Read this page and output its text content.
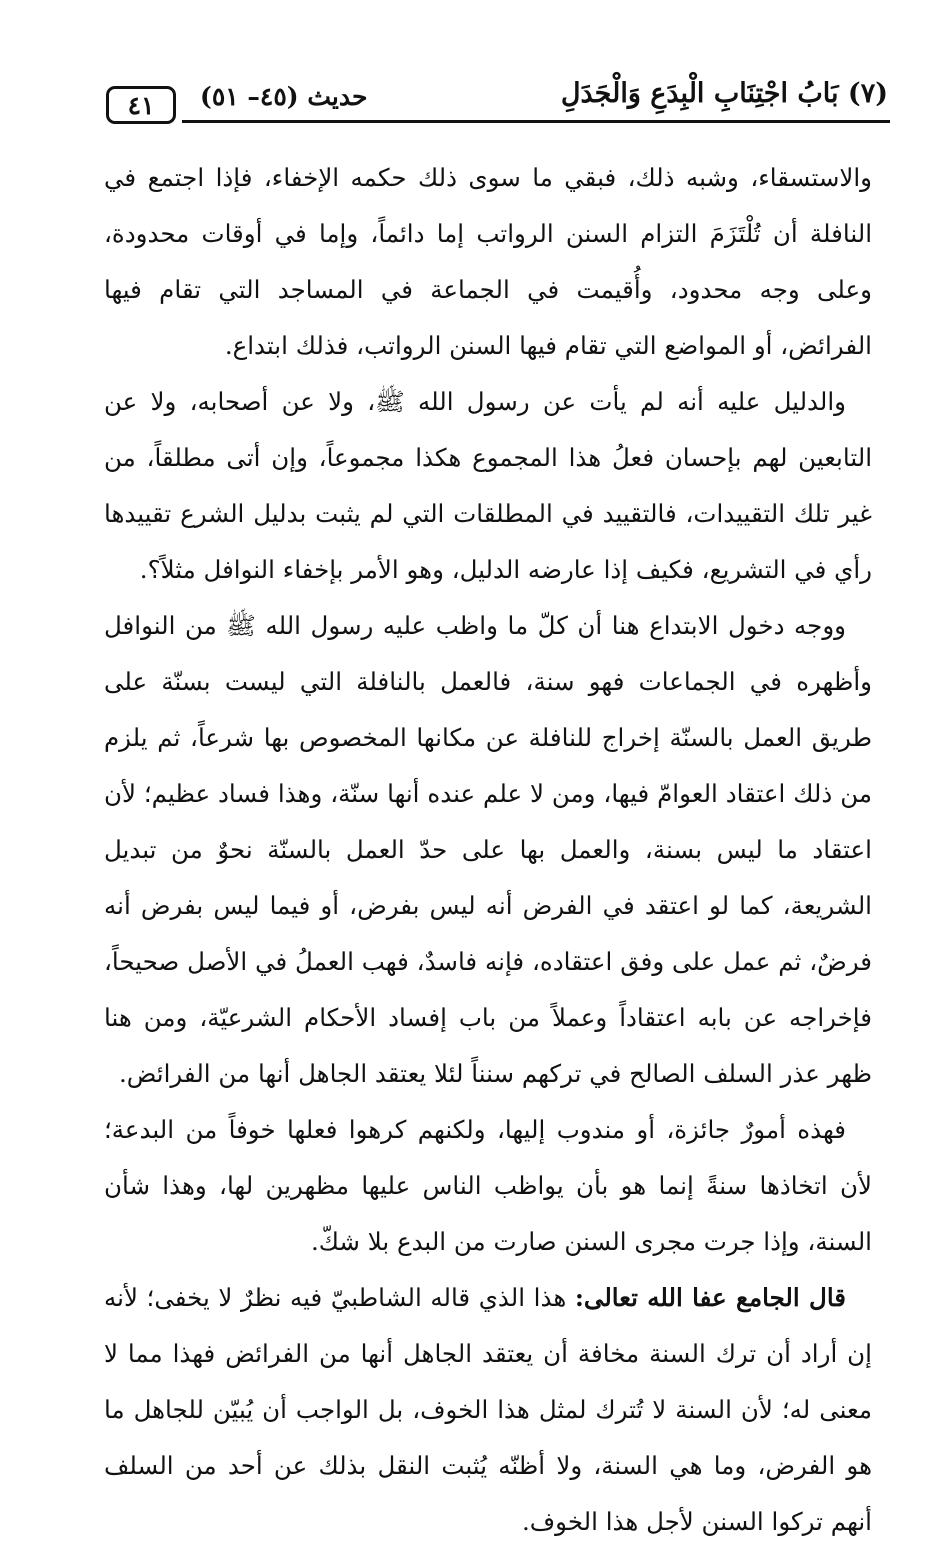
٤١ حديث (٤٥– ٥١)	(٧) بَابُ اجْتِنَابِ الْبِدَعِ وَالْجَدَلِ

والاستسقاء، وشبه ذلك، فبقي ما سوى ذلك حكمه الإخفاء، فإذا اجتمع في النافلة أن تُلْتَزَمَ التزام السنن الرواتب إما دائماً، وإما في أوقات محدودة، وعلى وجه محدود، وأُقيمت في الجماعة في المساجد التي تقام فيها الفرائض، أو المواضع التي تقام فيها السنن الرواتب، فذلك ابتداع.

والدليل عليه أنه لم يأت عن رسول الله ﷺ، ولا عن أصحابه، ولا عن التابعين لهم بإحسان فعلُ هذا المجموع هكذا مجموعاً، وإن أتى مطلقاً، من غير تلك التقييدات، فالتقييد في المطلقات التي لم يثبت بدليل الشرع تقييدها رأي في التشريع، فكيف إذا عارضه الدليل، وهو الأمر بإخفاء النوافل مثلاً؟.

ووجه دخول الابتداع هنا أن كلّ ما واظب عليه رسول الله ﷺ من النوافل وأظهره في الجماعات فهو سنة، فالعمل بالنافلة التي ليست بسنّة على طريق العمل بالسنّة إخراج للنافلة عن مكانها المخصوص بها شرعاً، ثم يلزم من ذلك اعتقاد العوامّ فيها، ومن لا علم عنده أنها سنّة، وهذا فساد عظيم؛ لأن اعتقاد ما ليس بسنة، والعمل بها على حدّ العمل بالسنّة نحوٌ من تبديل الشريعة، كما لو اعتقد في الفرض أنه ليس بفرض، أو فيما ليس بفرض أنه فرضٌ، ثم عمل على وفق اعتقاده، فإنه فاسدٌ، فهب العملُ في الأصل صحيحاً، فإخراجه عن بابه اعتقاداً وعملاً من باب إفساد الأحكام الشرعيّة، ومن هنا ظهر عذر السلف الصالح في تركهم سنناً لئلا يعتقد الجاهل أنها من الفرائض.

فهذه أمورٌ جائزة، أو مندوب إليها، ولكنهم كرهوا فعلها خوفاً من البدعة؛ لأن اتخاذها سنةً إنما هو بأن يواظب الناس عليها مظهرين لها، وهذا شأن السنة، وإذا جرت مجرى السنن صارت من البدع بلا شكّ.

قال الجامع عفا الله تعالى: هذا الذي قاله الشاطبيّ فيه نظرٌ لا يخفى؛ لأنه إن أراد أن ترك السنة مخافة أن يعتقد الجاهل أنها من الفرائض فهذا مما لا معنى له؛ لأن السنة لا تُترك لمثل هذا الخوف، بل الواجب أن يُبيّن للجاهل ما هو الفرض، وما هي السنة، ولا أظنّه يُثبت النقل بذلك عن أحد من السلف أنهم تركوا السنن لأجل هذا الخوف.
